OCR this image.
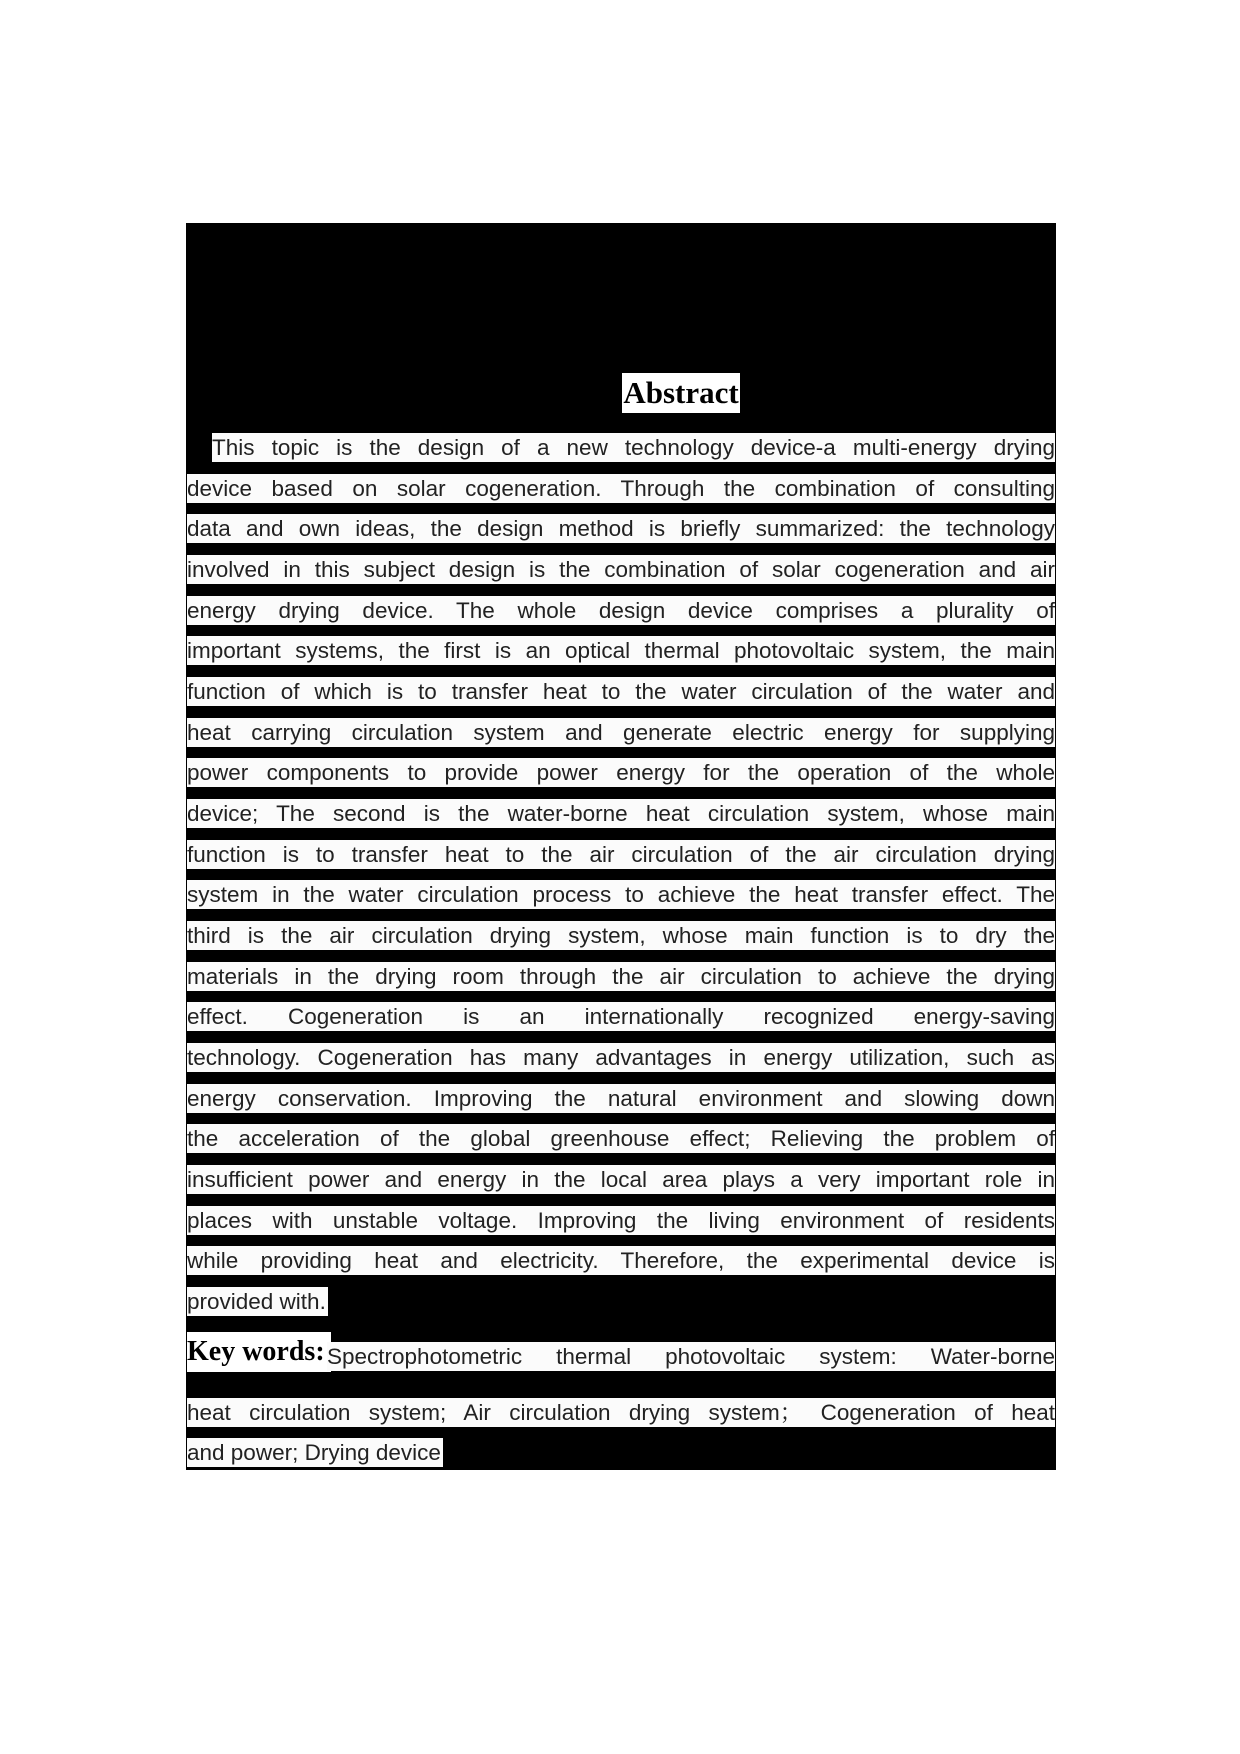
Abstract
This topic is the design of a new technology device-a multi-energy drying
device based on solar cogeneration. Through the combination of consulting
data and own ideas, the design method is briefly summarized: the technology
involved in this subject design is the combination of solar cogeneration and air
energy drying device. The whole design device comprises a plurality of
important systems, the first is an optical thermal photovoltaic system, the main
function of which is to transfer heat to the water circulation of the water and
heat carrying circulation system and generate electric energy for supplying
power components to provide power energy for the operation of the whole
device; The second is the water-borne heat circulation system, whose main
function is to transfer heat to the air circulation of the air circulation drying
system in the water circulation process to achieve the heat transfer effect. The
third is the air circulation drying system, whose main function is to dry the
materials in the drying room through the air circulation to achieve the drying
effect. Cogeneration is an internationally recognized energy-saving
technology. Cogeneration has many advantages in energy utilization, such as
energy conservation. Improving the natural environment and slowing down
the acceleration of the global greenhouse effect; Relieving the problem of
insufficient power and energy in the local area plays a very important role in
places with unstable voltage. Improving the living environment of residents
while providing heat and electricity. Therefore, the experimental device is
provided with.
Key words: Spectrophotometric thermal photovoltaic system: Water-borne
heat circulation system; Air circulation drying system； Cogeneration of heat
and power; Drying device
